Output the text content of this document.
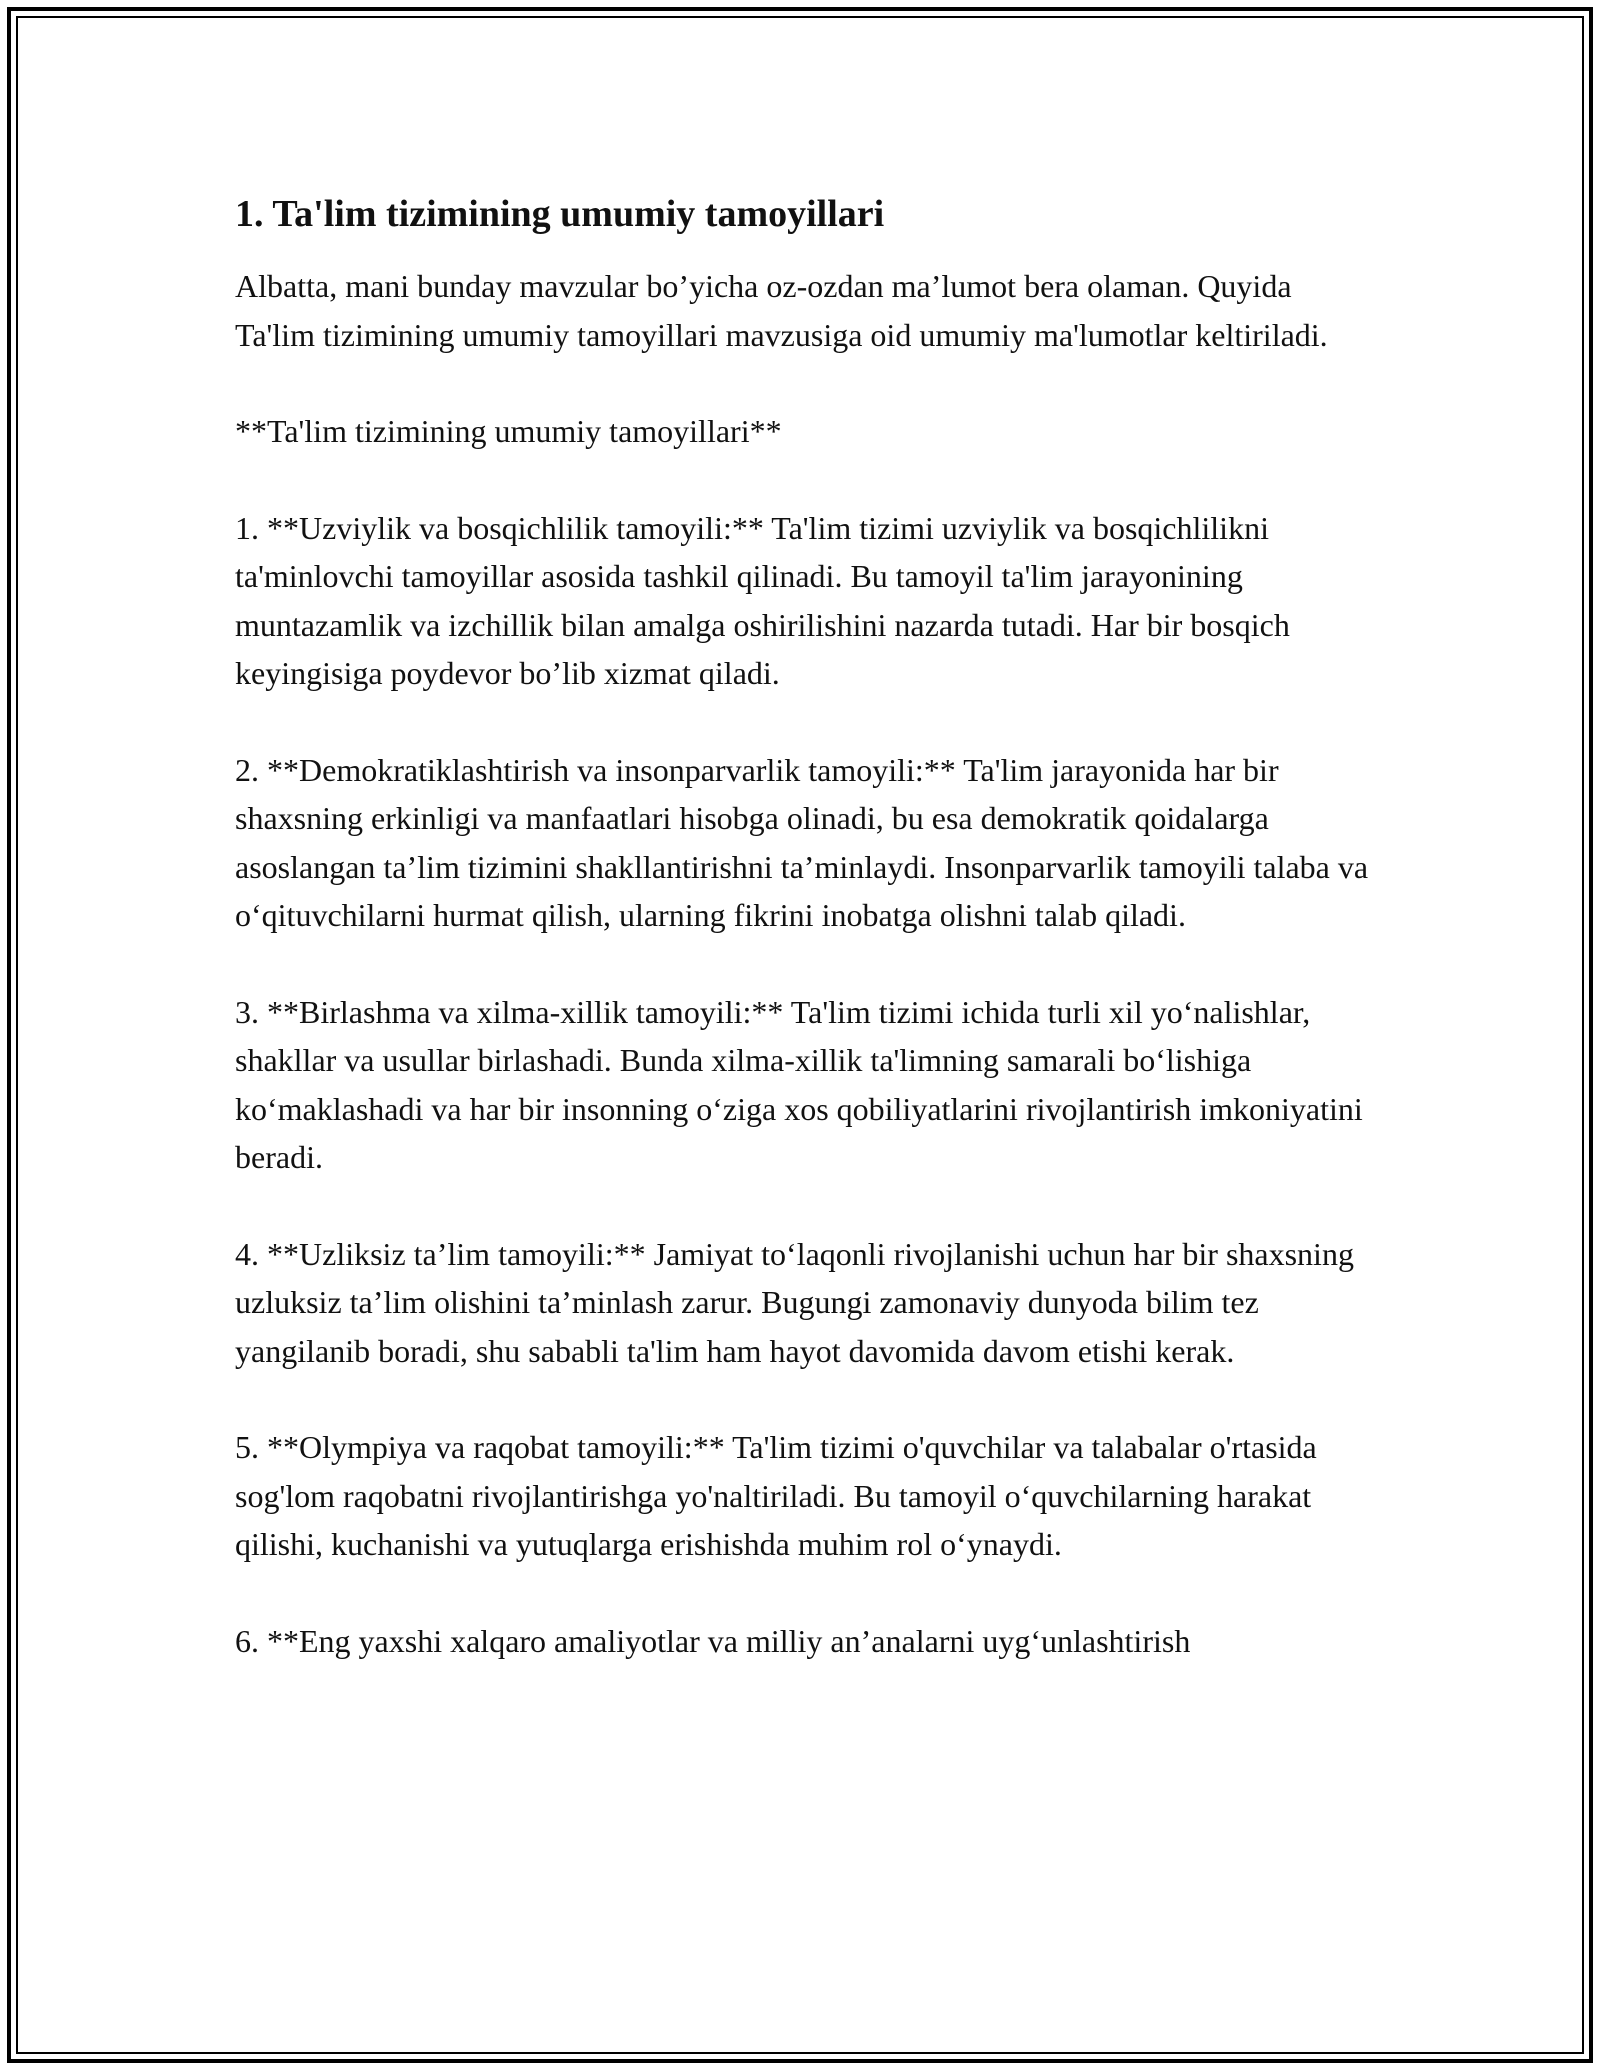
1. Ta'lim tizimining umumiy tamoyillari

Albatta, mani bunday mavzular bo’yicha oz-ozdan ma’lumot bera olaman. Quyida Ta'lim tizimining umumiy tamoyillari mavzusiga oid umumiy ma'lumotlar keltiriladi.

**Ta'lim tizimining umumiy tamoyillari**

1. **Uzviylik va bosqichlilik tamoyili:** Ta'lim tizimi uzviylik va bosqichlilikni ta'minlovchi tamoyillar asosida tashkil qilinadi. Bu tamoyil ta'lim jarayonining muntazamlik va izchillik bilan amalga oshirilishini nazarda tutadi. Har bir bosqich keyingisiga poydevor bo’lib xizmat qiladi.

2. **Demokratiklashtirish va insonparvarlik tamoyili:** Ta'lim jarayonida har bir shaxsning erkinligi va manfaatlari hisobga olinadi, bu esa demokratik qoidalarga asoslangan ta’lim tizimini shakllantirishni ta’minlaydi. Insonparvarlik tamoyili talaba va o‘qituvchilarni hurmat qilish, ularning fikrini inobatga olishni talab qiladi.

3. **Birlashma va xilma-xillik tamoyili:** Ta'lim tizimi ichida turli xil yo‘nalishlar, shakllar va usullar birlashadi. Bunda xilma-xillik ta'limning samarali bo‘lishiga ko‘maklashadi va har bir insonning o‘ziga xos qobiliyatlarini rivojlantirish imkoniyatini beradi.

4. **Uzliksiz ta’lim tamoyili:** Jamiyat to‘laqonli rivojlanishi uchun har bir shaxsning uzluksiz ta’lim olishini ta’minlash zarur. Bugungi zamonaviy dunyoda bilim tez yangilanib boradi, shu sababli ta'lim ham hayot davomida davom etishi kerak.

5. **Olympiya va raqobat tamoyili:** Ta'lim tizimi o'quvchilar va talabalar o'rtasida sog'lom raqobatni rivojlantirishga yo'naltiriladi. Bu tamoyil o‘quvchilarning harakat qilishi, kuchanishi va yutuqlarga erishishda muhim rol o‘ynaydi.

6. **Eng yaxshi xalqaro amaliyotlar va milliy an’analarni uyg‘unlashtirish
